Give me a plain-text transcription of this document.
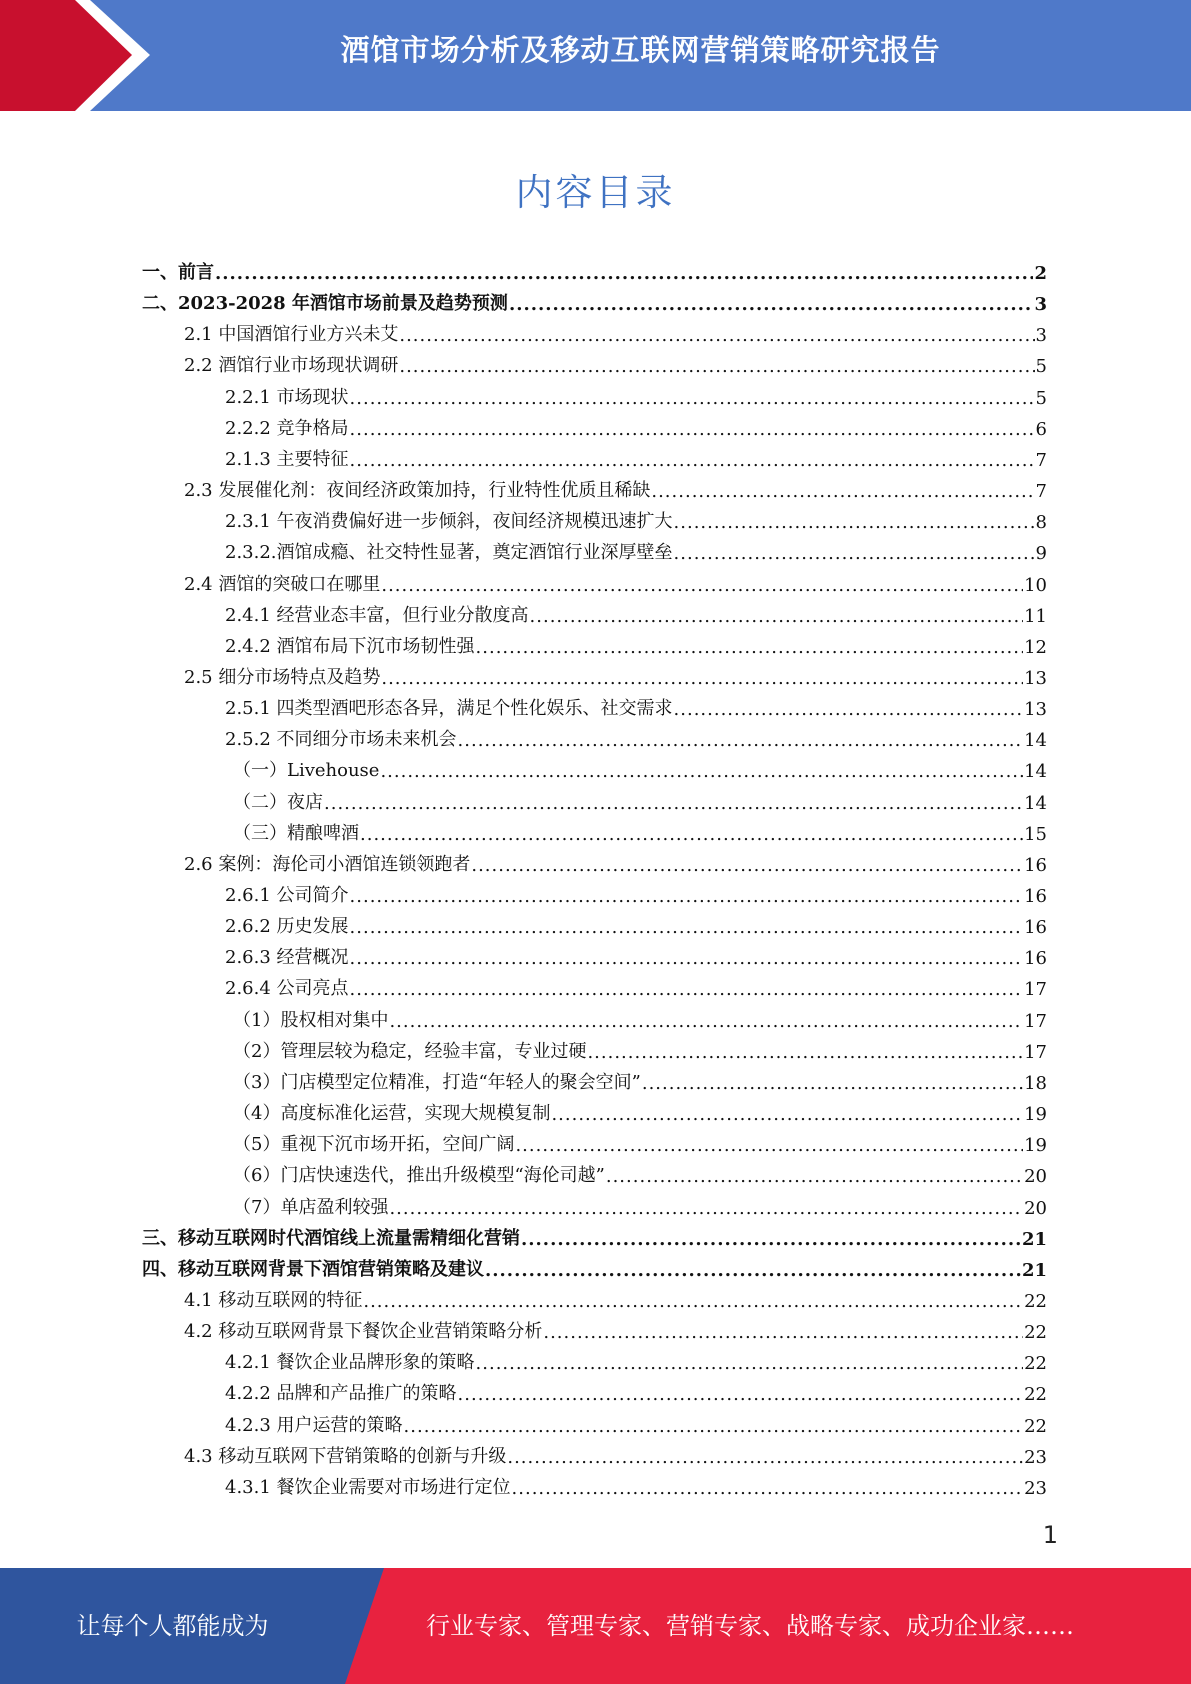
酒馆市场分析及移动互联网营销策略研究报告
内容目录
一、前言 .....	2
二、2023-2028 年酒馆市场前景及趋势预测 .....	3
2.1 中国酒馆行业方兴未艾 .....	3
2.2 酒馆行业市场现状调研 .....	5
2.2.1 市场现状 .....	5
2.2.2 竞争格局 .....	6
2.1.3 主要特征 .....	7
2.3 发展催化剂：夜间经济政策加持，行业特性优质且稀缺 .....	7
2.3.1 午夜消费偏好进一步倾斜，夜间经济规模迅速扩大 .....	8
2.3.2.酒馆成瘾、社交特性显著，奠定酒馆行业深厚壁垒 .....	9
2.4 酒馆的突破口在哪里 .....	10
2.4.1 经营业态丰富，但行业分散度高 .....	11
2.4.2 酒馆布局下沉市场韧性强 .....	12
2.5 细分市场特点及趋势 .....	13
2.5.1 四类型酒吧形态各异，满足个性化娱乐、社交需求 .....	13
2.5.2 不同细分市场未来机会 .....	14
（一）Livehouse .....	14
（二）夜店 .....	14
（三）精酿啤酒 .....	15
2.6 案例：海伦司小酒馆连锁领跑者 .....	16
2.6.1 公司简介 .....	16
2.6.2 历史发展 .....	16
2.6.3 经营概况 .....	16
2.6.4 公司亮点 .....	17
（1）股权相对集中 .....	17
（2）管理层较为稳定，经验丰富，专业过硬 .....	17
（3）门店模型定位精准，打造“年轻人的聚会空间” .....	18
（4）高度标准化运营，实现大规模复制 .....	19
（5）重视下沉市场开拓，空间广阔 .....	19
（6）门店快速迭代，推出升级模型“海伦司越” .....	20
（7）单店盈利较强 .....	20
三、移动互联网时代酒馆线上流量需精细化营销 .....	21
四、移动互联网背景下酒馆营销策略及建议 .....	21
4.1 移动互联网的特征 .....	22
4.2 移动互联网背景下餐饮企业营销策略分析 .....	22
4.2.1 餐饮企业品牌形象的策略 .....	22
4.2.2 品牌和产品推广的策略 .....	22
4.2.3 用户运营的策略 .....	22
4.3 移动互联网下营销策略的创新与升级 .....	23
4.3.1 餐饮企业需要对市场进行定位 .....	23
1
让每个人都能成为	行业专家、管理专家、营销专家、战略专家、成功企业家……
